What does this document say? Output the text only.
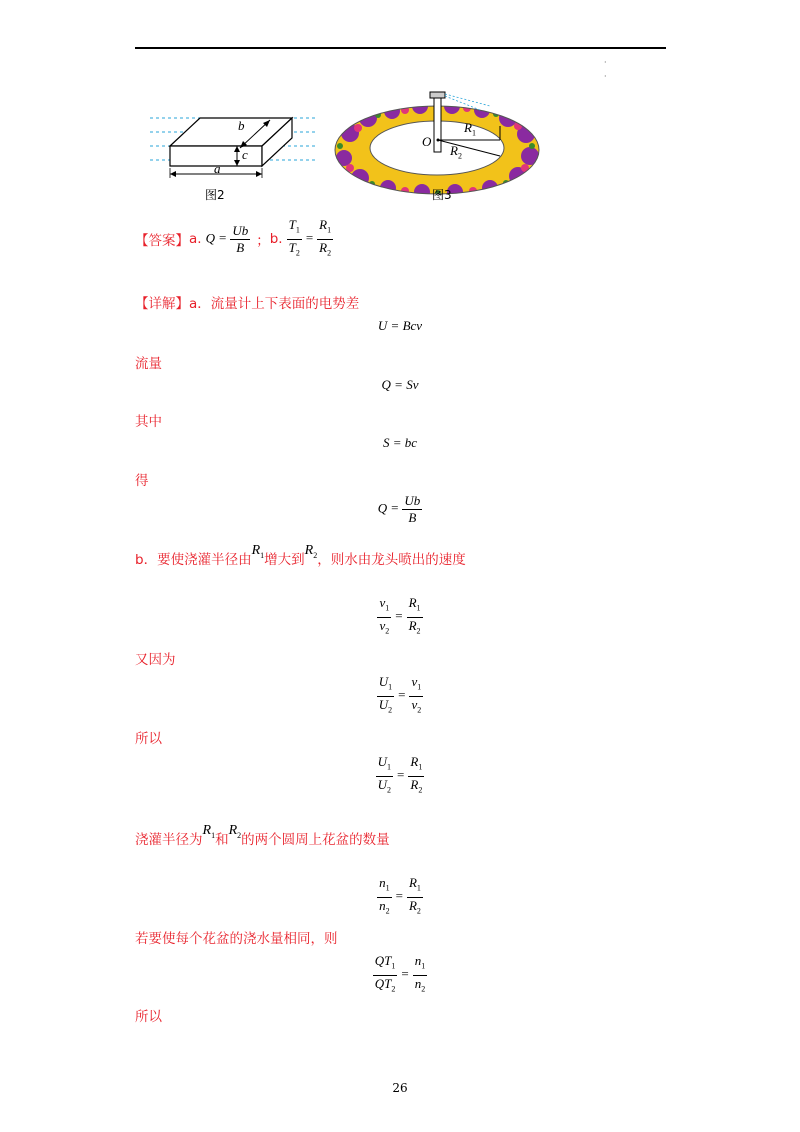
·
·
b
c
a
图2
O
$R_1$
$R_2$
图3
【答案】 a. $Q = \frac{Ub}{B}$ ； b. $\frac{T_1}{T_2} = \frac{R_1}{R_2}$
【详解】a．流量计上下表面的电势差
U = Bcv
流量
Q = Sv
其中
S = bc
得
$Q = \frac{Ub}{B}$
b．要使浇灌半径由
$R_1$ 增大到
$R_2$ ，则水由龙头喷出的速度
$\frac{v_1}{v_2} = \frac{R_1}{R_2}$
又因为
$\frac{U_1}{U_2} = \frac{v_1}{v_2}$
所以
$\frac{U_1}{U_2} = \frac{R_1}{R_2}$
浇灌半径为
$R_1$ 和
$R_2$ 的两个圆周上花盆的数量
$\frac{n_1}{n_2} = \frac{R_1}{R_2}$
若要使每个花盆的浇水量相同，则
$\frac{QT_1}{QT_2} = \frac{n_1}{n_2}$
所以
26
